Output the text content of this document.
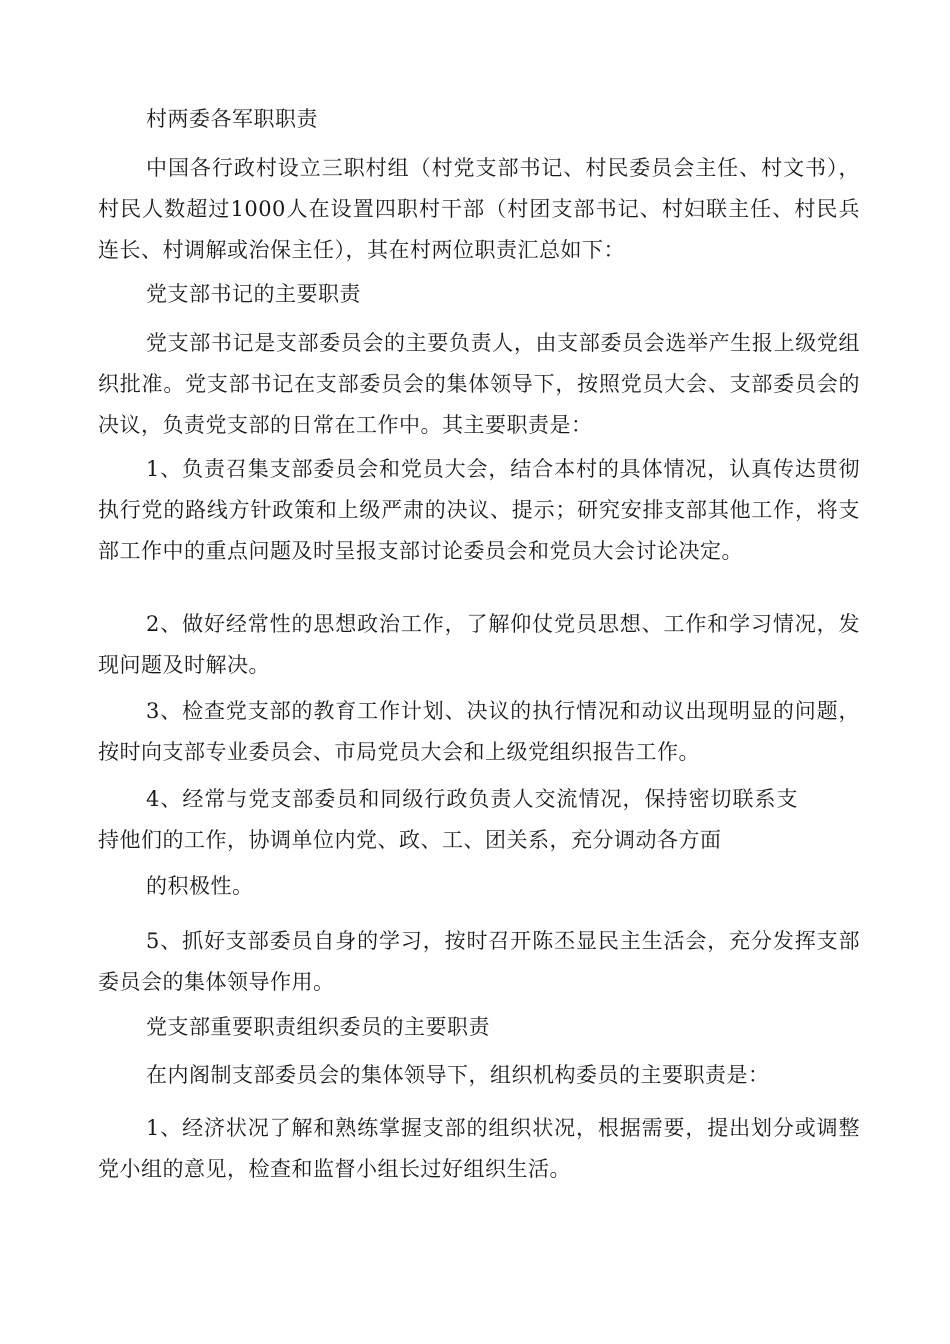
村两委各军职职责

中国各行政村设立三职村组（村党支部书记、村民委员会主任、村文书），村民人数超过1000人在设置四职村干部（村团支部书记、村妇联主任、村民兵连长、村调解或治保主任），其在村两位职责汇总如下：

党支部书记的主要职责

党支部书记是支部委员会的主要负责人，由支部委员会选举产生报上级党组织批准。党支部书记在支部委员会的集体领导下，按照党员大会、支部委员会的决议，负责党支部的日常在工作中。其主要职责是：

1、负责召集支部委员会和党员大会，结合本村的具体情况，认真传达贯彻执行党的路线方针政策和上级严肃的决议、提示；研究安排支部其他工作，将支部工作中的重点问题及时呈报支部讨论委员会和党员大会讨论决定。

2、做好经常性的思想政治工作，了解仰仗党员思想、工作和学习情况，发现问题及时解决。

3、检查党支部的教育工作计划、决议的执行情况和动议出现明显的问题，按时向支部专业委员会、市局党员大会和上级党组织报告工作。

4、经常与党支部委员和同级行政负责人交流情况，保持密切联系支持他们的工作，协调单位内党、政、工、团关系，充分调动各方面

的积极性。

5、抓好支部委员自身的学习，按时召开陈丕显民主生活会，充分发挥支部委员会的集体领导作用。

党支部重要职责组织委员的主要职责

在内阁制支部委员会的集体领导下，组织机构委员的主要职责是：

1、经济状况了解和熟练掌握支部的组织状况，根据需要，提出划分或调整党小组的意见，检查和监督小组长过好组织生活。
